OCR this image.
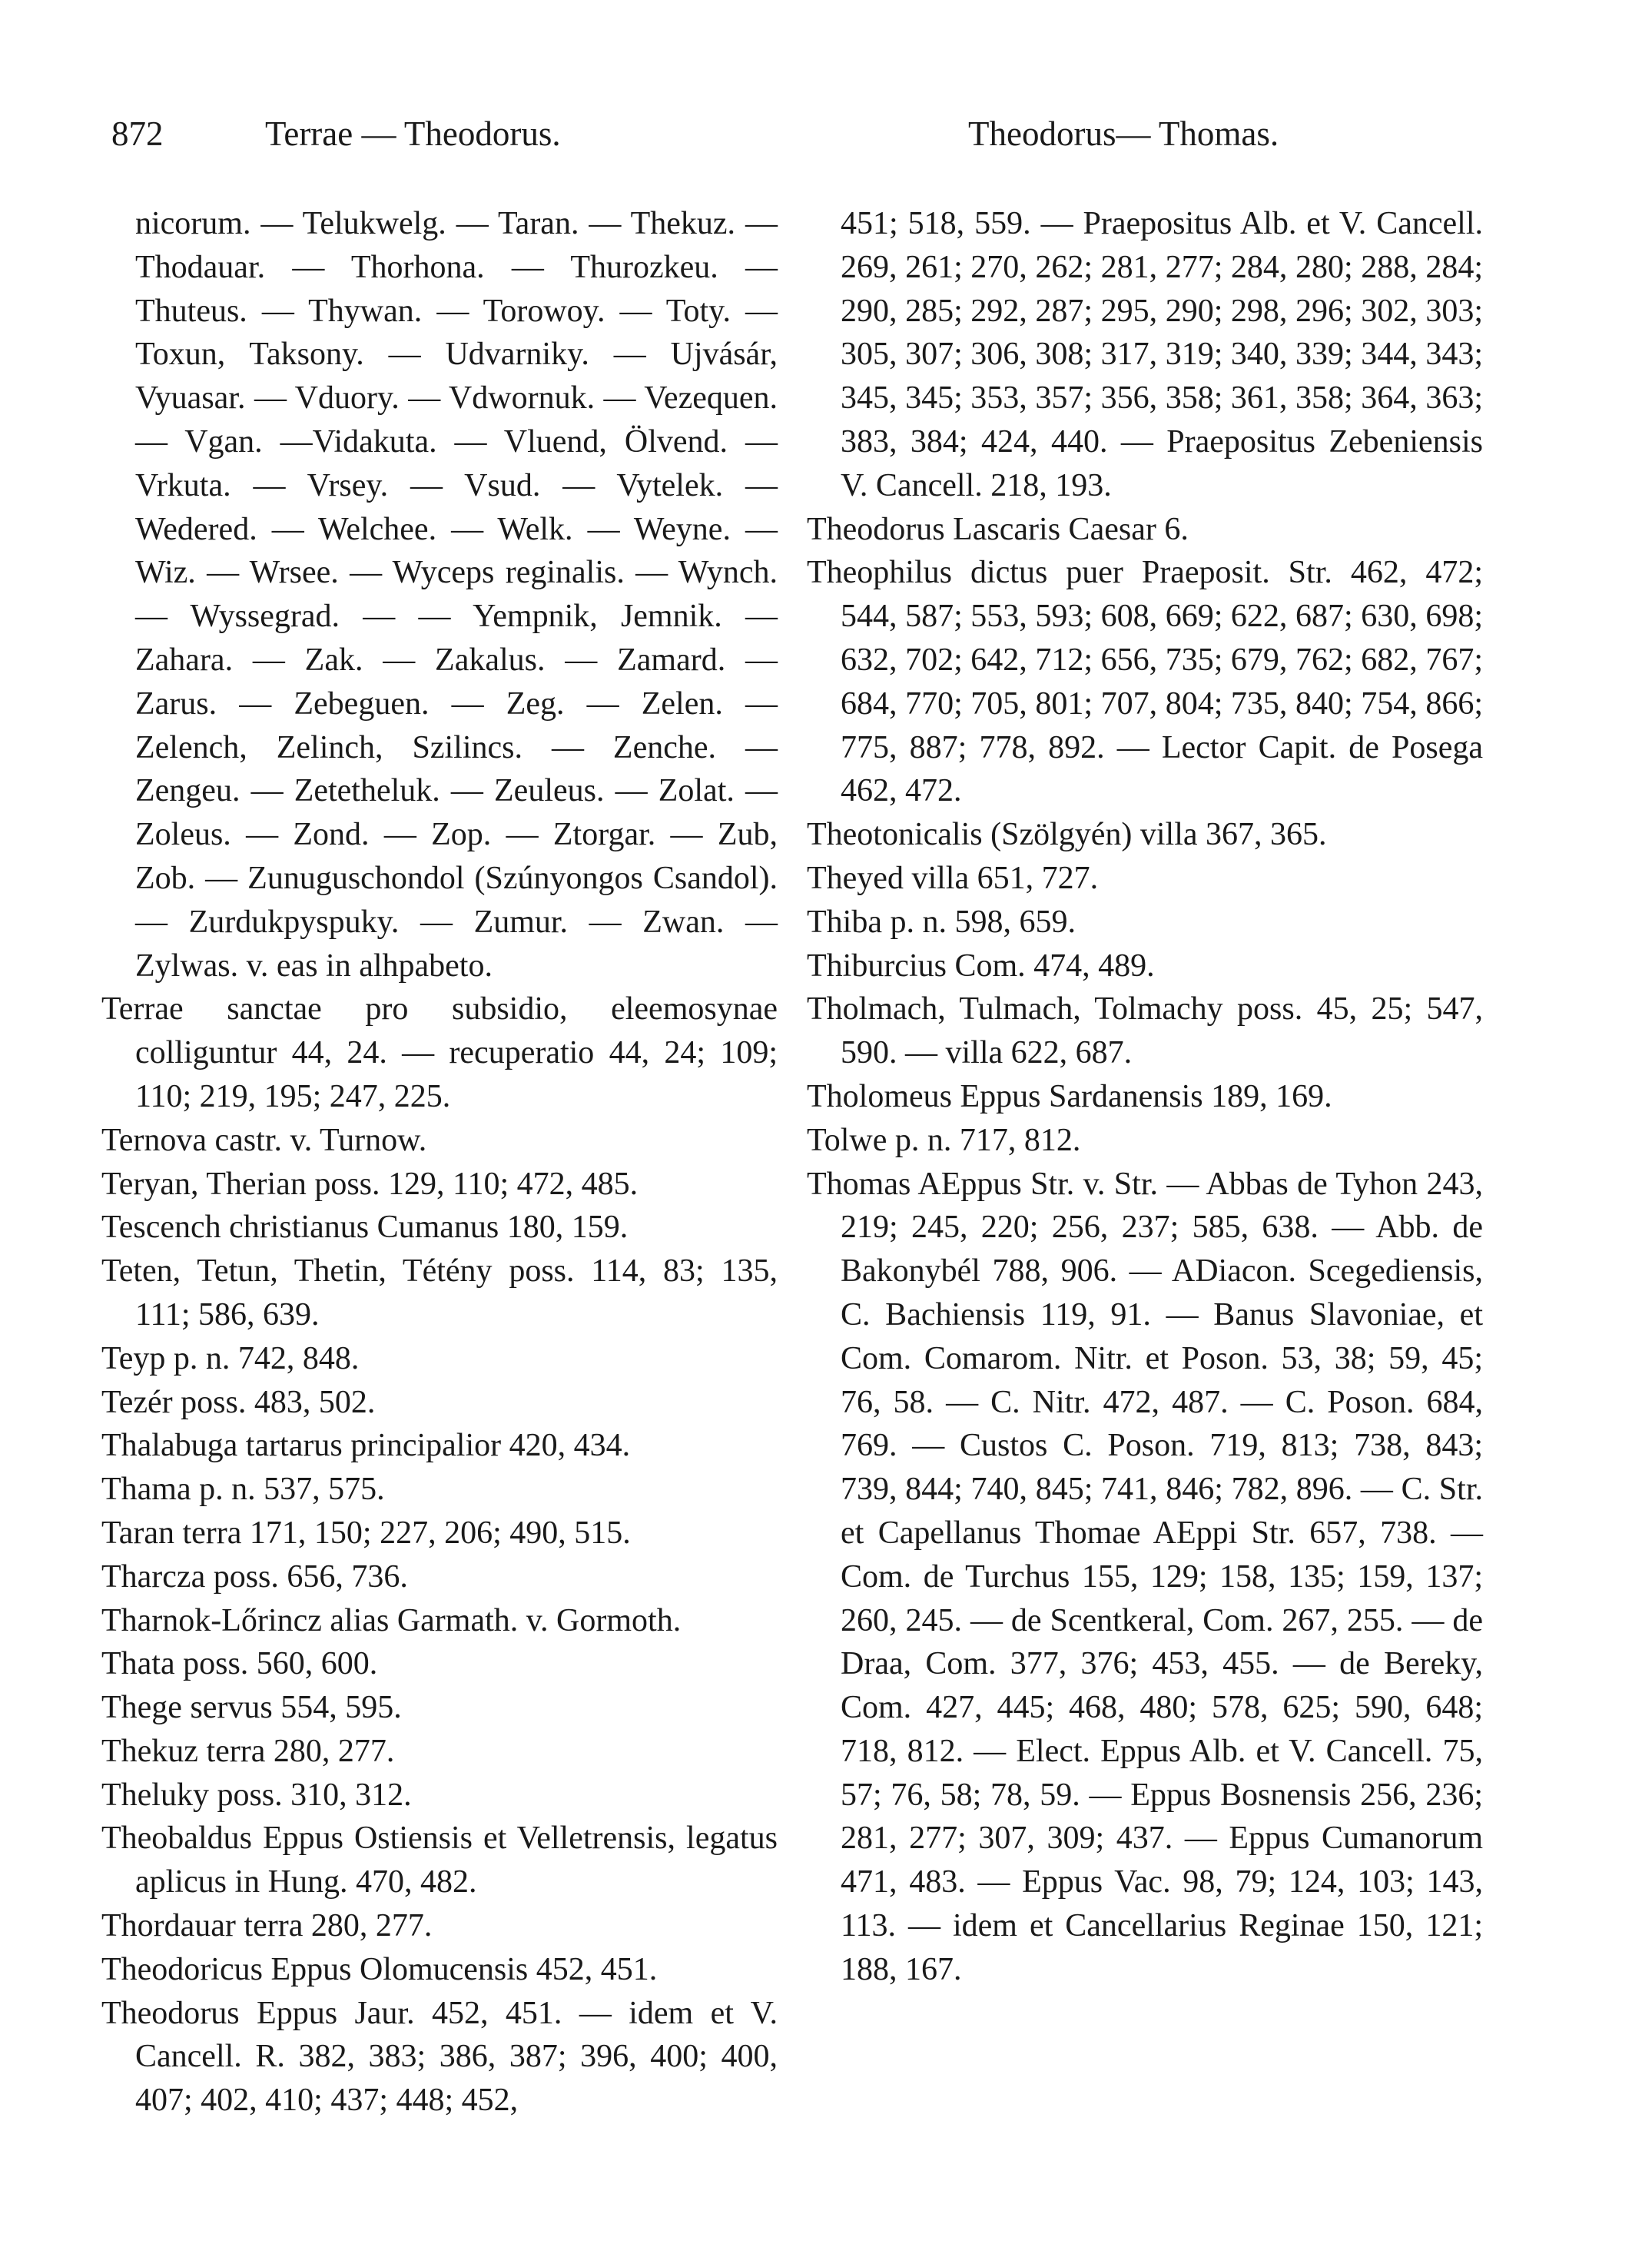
872	Terrae — Theodorus.	Theodorus— Thomas.

nicorum. — Telukwelg. — Taran. — Thekuz. — Thodauar. — Thorhona. — Thurozkeu. — Thuteus. — Thywan. — Torowoy. — Toty. — Toxun, Taksony. — Udvarniky. — Ujvásár, Vyuasar. — Vduory. — Vdwornuk. — Vezequen. — Vgan. —Vidakuta. — Vluend, Ölvend. — Vrkuta. — Vrsey. — Vsud. — Vytelek. — Wedered. — Welchee. — Welk. — Weyne. — Wiz. — Wrsee. — Wyceps reginalis. — Wynch. — Wyssegrad. — — Yempnik, Jemnik. — Zahara. — Zak. — Zakalus. — Zamard. — Zarus. — Zebeguen. — Zeg. — Zelen. — Zelench, Zelinch, Szilincs. — Zenche. — Zengeu. — Zetetheluk. — Zeuleus. — Zolat. — Zoleus. — Zond. — Zop. — Ztorgar. — Zub, Zob. — Zunuguschondol (Szúnyongos Csandol). — Zurdukpyspuky. — Zumur. — Zwan. — Zylwas. v. eas in alhpabeto.

Terrae sanctae pro subsidio, eleemosynae colliguntur 44, 24. — recuperatio 44, 24; 109; 110; 219, 195; 247, 225.

Ternova castr. v. Turnow.

Teryan, Therian poss. 129, 110; 472, 485.

Tescench christianus Cumanus 180, 159.

Teten, Tetun, Thetin, Tétény poss. 114, 83; 135, 111; 586, 639.

Teyp p. n. 742, 848.

Tezér poss. 483, 502.

Thalabuga tartarus principalior 420, 434.

Thama p. n. 537, 575.

Taran terra 171, 150; 227, 206; 490, 515.

Tharcza poss. 656, 736.

Tharnok-Lőrincz alias Garmath. v. Gormoth.

Thata poss. 560, 600.

Thege servus 554, 595.

Thekuz terra 280, 277.

Theluky poss. 310, 312.

Theobaldus Eppus Ostiensis et Velletrensis, legatus aplicus in Hung. 470, 482.

Thordauar terra 280, 277.

Theodoricus Eppus Olomucensis 452, 451.

Theodorus Eppus Jaur. 452, 451. — idem et V. Cancell. R. 382, 383; 386, 387; 396, 400; 400, 407; 402, 410; 437; 448; 452,

451; 518, 559. — Praepositus Alb. et V. Cancell. 269, 261; 270, 262; 281, 277; 284, 280; 288, 284; 290, 285; 292, 287; 295, 290; 298, 296; 302, 303; 305, 307; 306, 308; 317, 319; 340, 339; 344, 343; 345, 345; 353, 357; 356, 358; 361, 358; 364, 363; 383, 384; 424, 440. — Praepositus Zebeniensis V. Cancell. 218, 193.

Theodorus Lascaris Caesar 6.

Theophilus dictus puer Praeposit. Str. 462, 472; 544, 587; 553, 593; 608, 669; 622, 687; 630, 698; 632, 702; 642, 712; 656, 735; 679, 762; 682, 767; 684, 770; 705, 801; 707, 804; 735, 840; 754, 866; 775, 887; 778, 892. — Lector Capit. de Posega 462, 472.

Theotonicalis (Szölgyén) villa 367, 365.

Theyed villa 651, 727.

Thiba p. n. 598, 659.

Thiburcius Com. 474, 489.

Tholmach, Tulmach, Tolmachy poss. 45, 25; 547, 590. — villa 622, 687.

Tholomeus Eppus Sardanensis 189, 169.

Tolwe p. n. 717, 812.

Thomas AEppus Str. v. Str. — Abbas de Tyhon 243, 219; 245, 220; 256, 237; 585, 638. — Abb. de Bakonybél 788, 906. — ADiacon. Scegediensis, C. Bachiensis 119, 91. — Banus Slavoniae, et Com. Comarom. Nitr. et Poson. 53, 38; 59, 45; 76, 58. — C. Nitr. 472, 487. — C. Poson. 684, 769. — Custos C. Poson. 719, 813; 738, 843; 739, 844; 740, 845; 741, 846; 782, 896. — C. Str. et Capellanus Thomae AEppi Str. 657, 738. — Com. de Turchus 155, 129; 158, 135; 159, 137; 260, 245. — de Scentkeral, Com. 267, 255. — de Draa, Com. 377, 376; 453, 455. — de Bereky, Com. 427, 445; 468, 480; 578, 625; 590, 648; 718, 812. — Elect. Eppus Alb. et V. Cancell. 75, 57; 76, 58; 78, 59. — Eppus Bosnensis 256, 236; 281, 277; 307, 309; 437. — Eppus Cumanorum 471, 483. — Eppus Vac. 98, 79; 124, 103; 143, 113. — idem et Cancellarius Reginae 150, 121; 188, 167.
